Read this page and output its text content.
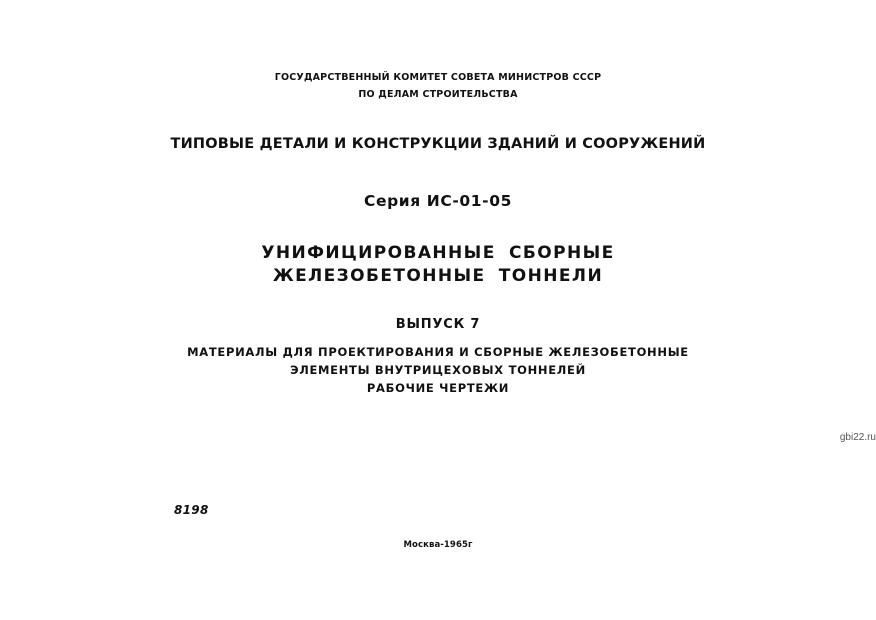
ГОСУДАРСТВЕННЫЙ КОМИТЕТ СОВЕТА МИНИСТРОВ СССР
ПО ДЕЛАМ СТРОИТЕЛЬСТВА
ТИПОВЫЕ ДЕТАЛИ И КОНСТРУКЦИИ ЗДАНИЙ И СООРУЖЕНИЙ
Серия ИС-01-05
УНИФИЦИРОВАННЫЕ СБОРНЫЕ
ЖЕЛЕЗОБЕТОННЫЕ ТОННЕЛИ
ВЫПУСК 7
МАТЕРИАЛЫ ДЛЯ ПРОЕКТИРОВАНИЯ И СБОРНЫЕ ЖЕЛЕЗОБЕТОННЫЕ
ЭЛЕМЕНТЫ ВНУТРИЦЕХОВЫХ ТОННЕЛЕЙ
РАБОЧИЕ ЧЕРТЕЖИ
gbi22.ru
8198
Москва-1965г
